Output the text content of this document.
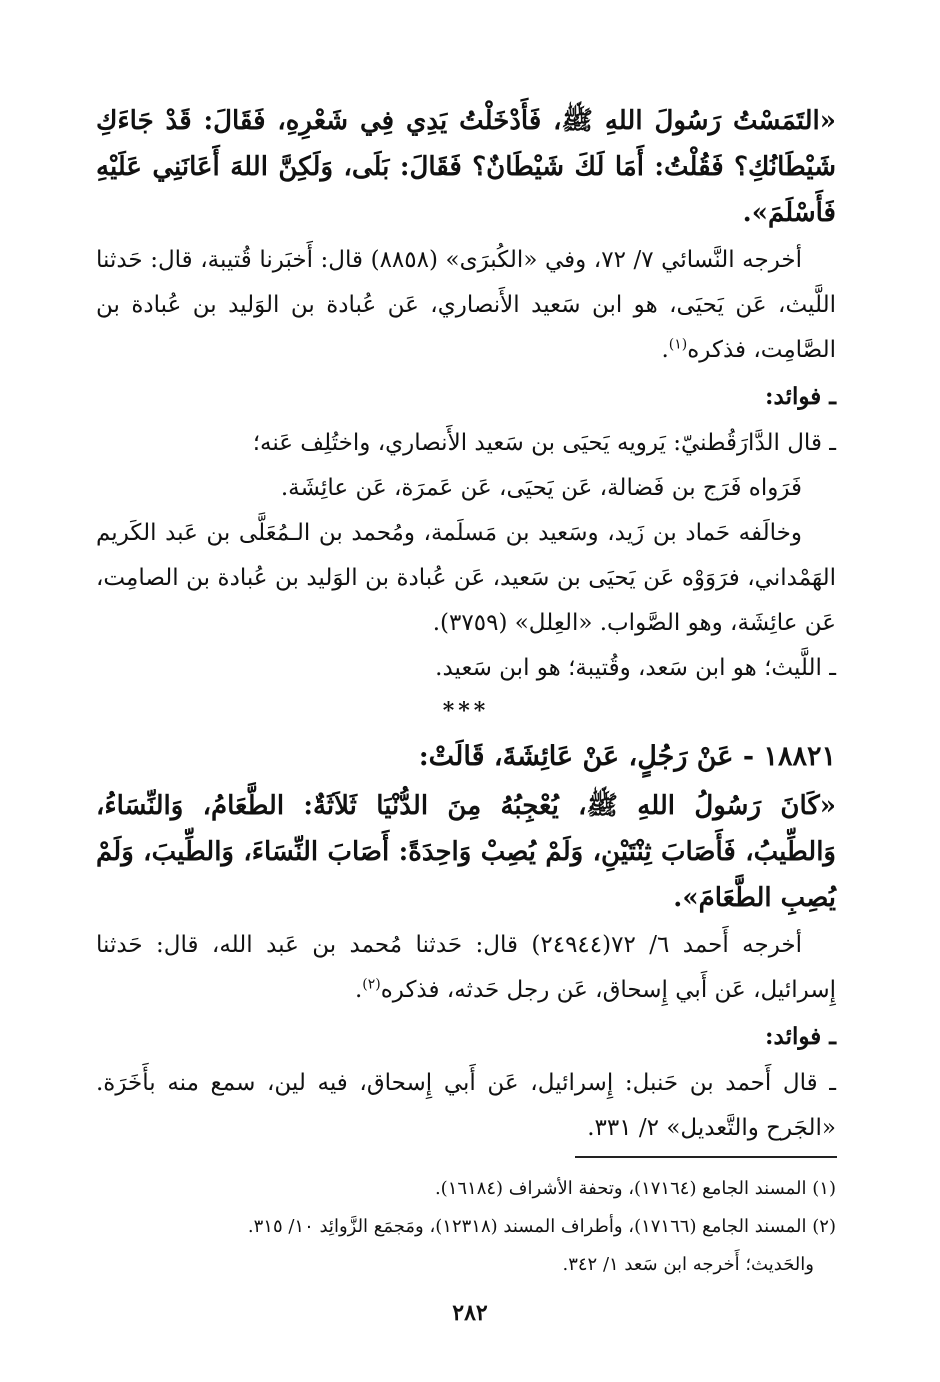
«التَمَسْتُ رَسُولَ اللهِ ﷺ، فَأَدْخَلْتُ يَدِي فِي شَعْرِهِ، فَقَالَ: قَدْ جَاءَكِ شَيْطَانُكِ؟ فَقُلْتُ: أَمَا لَكَ شَيْطَانٌ؟ فَقَالَ: بَلَى، وَلَكِنَّ اللهَ أَعَانَنِي عَلَيْهِ فَأَسْلَمَ».

أخرجه النَّسائي ٧/ ٧٢، وفي «الكُبرَى» (٨٨٥٨) قال: أَخبَرنا قُتيبة، قال: حَدثنا اللَّيث، عَن يَحيَى، هو ابن سَعيد الأَنصاري، عَن عُبادة بن الوَليد بن عُبادة بن الصَّامِت، فذكره$^{(١)}$.

ـ فوائد:

ـ قال الدَّارَقُطنيّ: يَرويه يَحيَى بن سَعيد الأَنصاري، واختُلِف عَنه؛

فَرَواه فَرَج بن فَضالة، عَن يَحيَى، عَن عَمرَة، عَن عائِشَة.

وخالَفه حَماد بن زَيد، وسَعيد بن مَسلَمة، ومُحمد بن الـمُعَلَّى بن عَبد الكَريم الهَمْداني، فرَوَوْه عَن يَحيَى بن سَعيد، عَن عُبادة بن الوَليد بن عُبادة بن الصامِت، عَن عائِشَة، وهو الصَّواب. «العِلل» (٣٧٥٩).

ـ اللَّيث؛ هو ابن سَعد، وقُتيبة؛ هو ابن سَعيد.

***

١٨٨٢١ - عَنْ رَجُلٍ، عَنْ عَائِشَةَ، قَالَتْ:

«كَانَ رَسُولُ اللهِ ﷺ، يُعْجِبُهُ مِنَ الدُّنْيَا ثَلاَثَةٌ: الطَّعَامُ، وَالنِّسَاءُ، وَالطِّيبُ، فَأَصَابَ ثِنْتَيْنِ، وَلَمْ يُصِبْ وَاحِدَةً: أَصَابَ النِّسَاءَ، وَالطِّيبَ، وَلَمْ يُصِبِ الطَّعَامَ».

أخرجه أَحمد ٦/ ٧٢(٢٤٩٤٤) قال: حَدثنا مُحمد بن عَبد الله، قال: حَدثنا إِسرائيل، عَن أَبي إِسحاق، عَن رجل حَدثه، فذكره$^{(٢)}$.

ـ فوائد:

ـ قال أَحمد بن حَنبل: إِسرائيل، عَن أَبي إِسحاق، فيه لين، سمع منه بأَخَرَة. «الجَرح والتَّعديل» ٢/ ٣٣١.

(١) المسند الجامع (١٧١٦٤)، وتحفة الأشراف (١٦١٨٤).

(٢) المسند الجامع (١٧١٦٦)، وأطراف المسند (١٢٣١٨)، ومَجمَع الزَّوائِد ١٠/ ٣١٥.

والحَديث؛ أَخرجه ابن سَعد ١/ ٣٤٢.

٢٨٢
